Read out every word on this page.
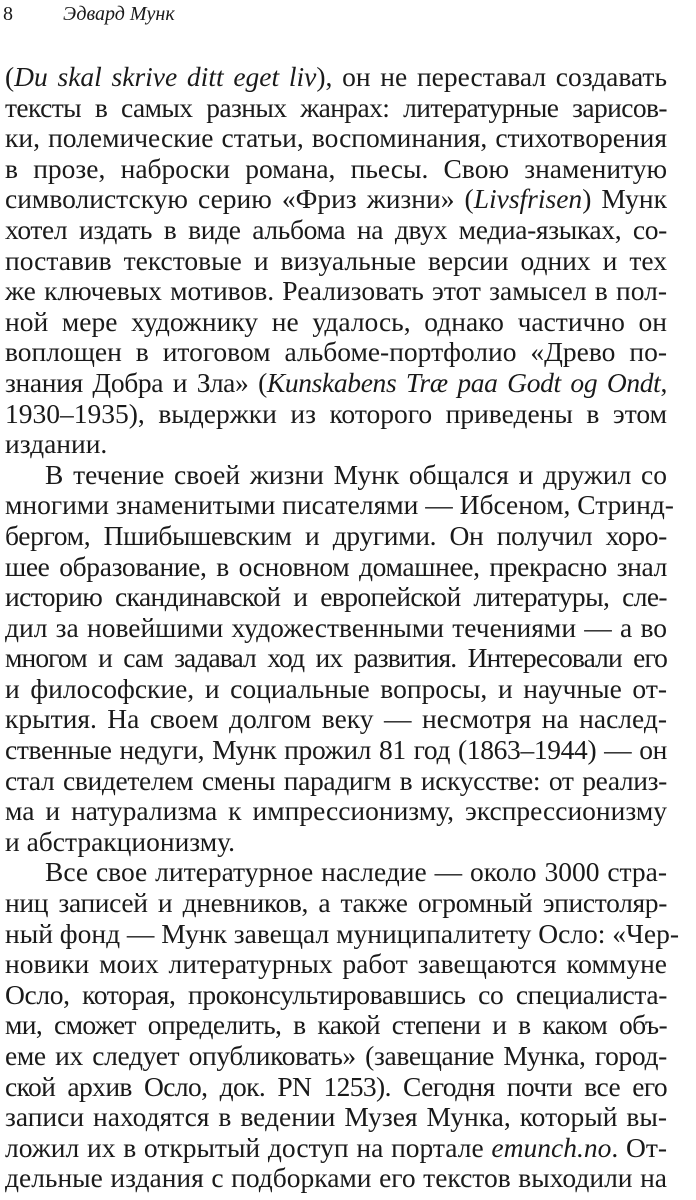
8	Эдвард Мунк
(Du skal skrive ditt eget liv), он не переставал создавать
тексты в самых разных жанрах: литературные зарисов-
ки, полемические статьи, воспоминания, стихотворения
в прозе, наброски романа, пьесы. Свою знаменитую
символистскую серию «Фриз жизни» (Livsfrisen) Мунк
хотел издать в виде альбома на двух медиа-языках, со-
поставив текстовые и визуальные версии одних и тех
же ключевых мотивов. Реализовать этот замысел в пол-
ной мере художнику не удалось, однако частично он
воплощен в итоговом альбоме-портфолио «Древо по-
знания Добра и Зла» (Kunskabens Træ paa Godt og Ondt,
1930–1935), выдержки из которого приведены в этом
издании.
В течение своей жизни Мунк общался и дружил со
многими знаменитыми писателями — Ибсеном, Стринд-
бергом, Пшибышевским и другими. Он получил хоро-
шее образование, в основном домашнее, прекрасно знал
историю скандинавской и европейской литературы, сле-
дил за новейшими художественными течениями — а во
многом и сам задавал ход их развития. Интересовали его
и философские, и социальные вопросы, и научные от-
крытия. На своем долгом веку — несмотря на наслед-
ственные недуги, Мунк прожил 81 год (1863–1944) — он
стал свидетелем смены парадигм в искусстве: от реализ-
ма и натурализма к импрессионизму, экспрессионизму
и абстракционизму.
Все свое литературное наследие — около 3000 стра-
ниц записей и дневников, а также огромный эпистоляр-
ный фонд — Мунк завещал муниципалитету Осло: «Чер-
новики моих литературных работ завещаются коммуне
Осло, которая, проконсультировавшись со специалиста-
ми, сможет определить, в какой степени и в каком объ-
еме их следует опубликовать» (завещание Мунка, город-
ской архив Осло, док. PN 1253). Сегодня почти все его
записи находятся в ведении Музея Мунка, который вы-
ложил их в открытый доступ на портале emunch.no. От-
дельные издания с подборками его текстов выходили на
